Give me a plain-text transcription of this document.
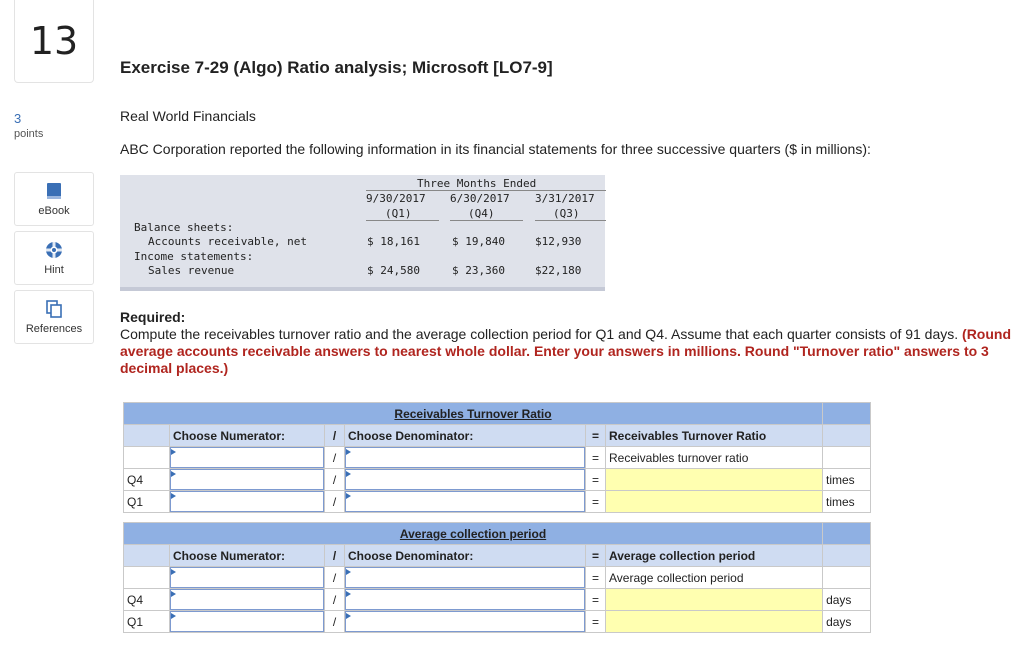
13
3
points
eBook
Hint
References
Exercise 7-29 (Algo) Ratio analysis; Microsoft [LO7-9]
Real World Financials
ABC Corporation reported the following information in its financial statements for three successive quarters ($ in millions):
Three Months Ended
9/30/2017 6/30/2017 3/31/2017
(Q1)	(Q4)	(Q3)
Balance sheets:
Accounts receivable, net	$ 18,161	$ 19,840	$12,930
Income statements:
Sales revenue	$ 24,580	$ 23,360	$22,180
Required:
Compute the receivables turnover ratio and the average collection period for Q1 and Q4. Assume that each quarter consists of 91 days. (Round average accounts receivable answers to nearest whole dollar. Enter your answers in millions. Round "Turnover ratio" answers to 3 decimal places.)
Receivables Turnover Ratio						
	Choose Numerator:	/	Choose Denominator:	=	Receivables Turnover Ratio	

	/		=	Receivables turnover ratio	
Q4		/		=		times
Q1		/		=		times
Average collection period						
	Choose Numerator:	/	Choose Denominator:	=	Average collection period	

	/		=	Average collection period	
Q4		/		=		days
Q1		/		=		days
